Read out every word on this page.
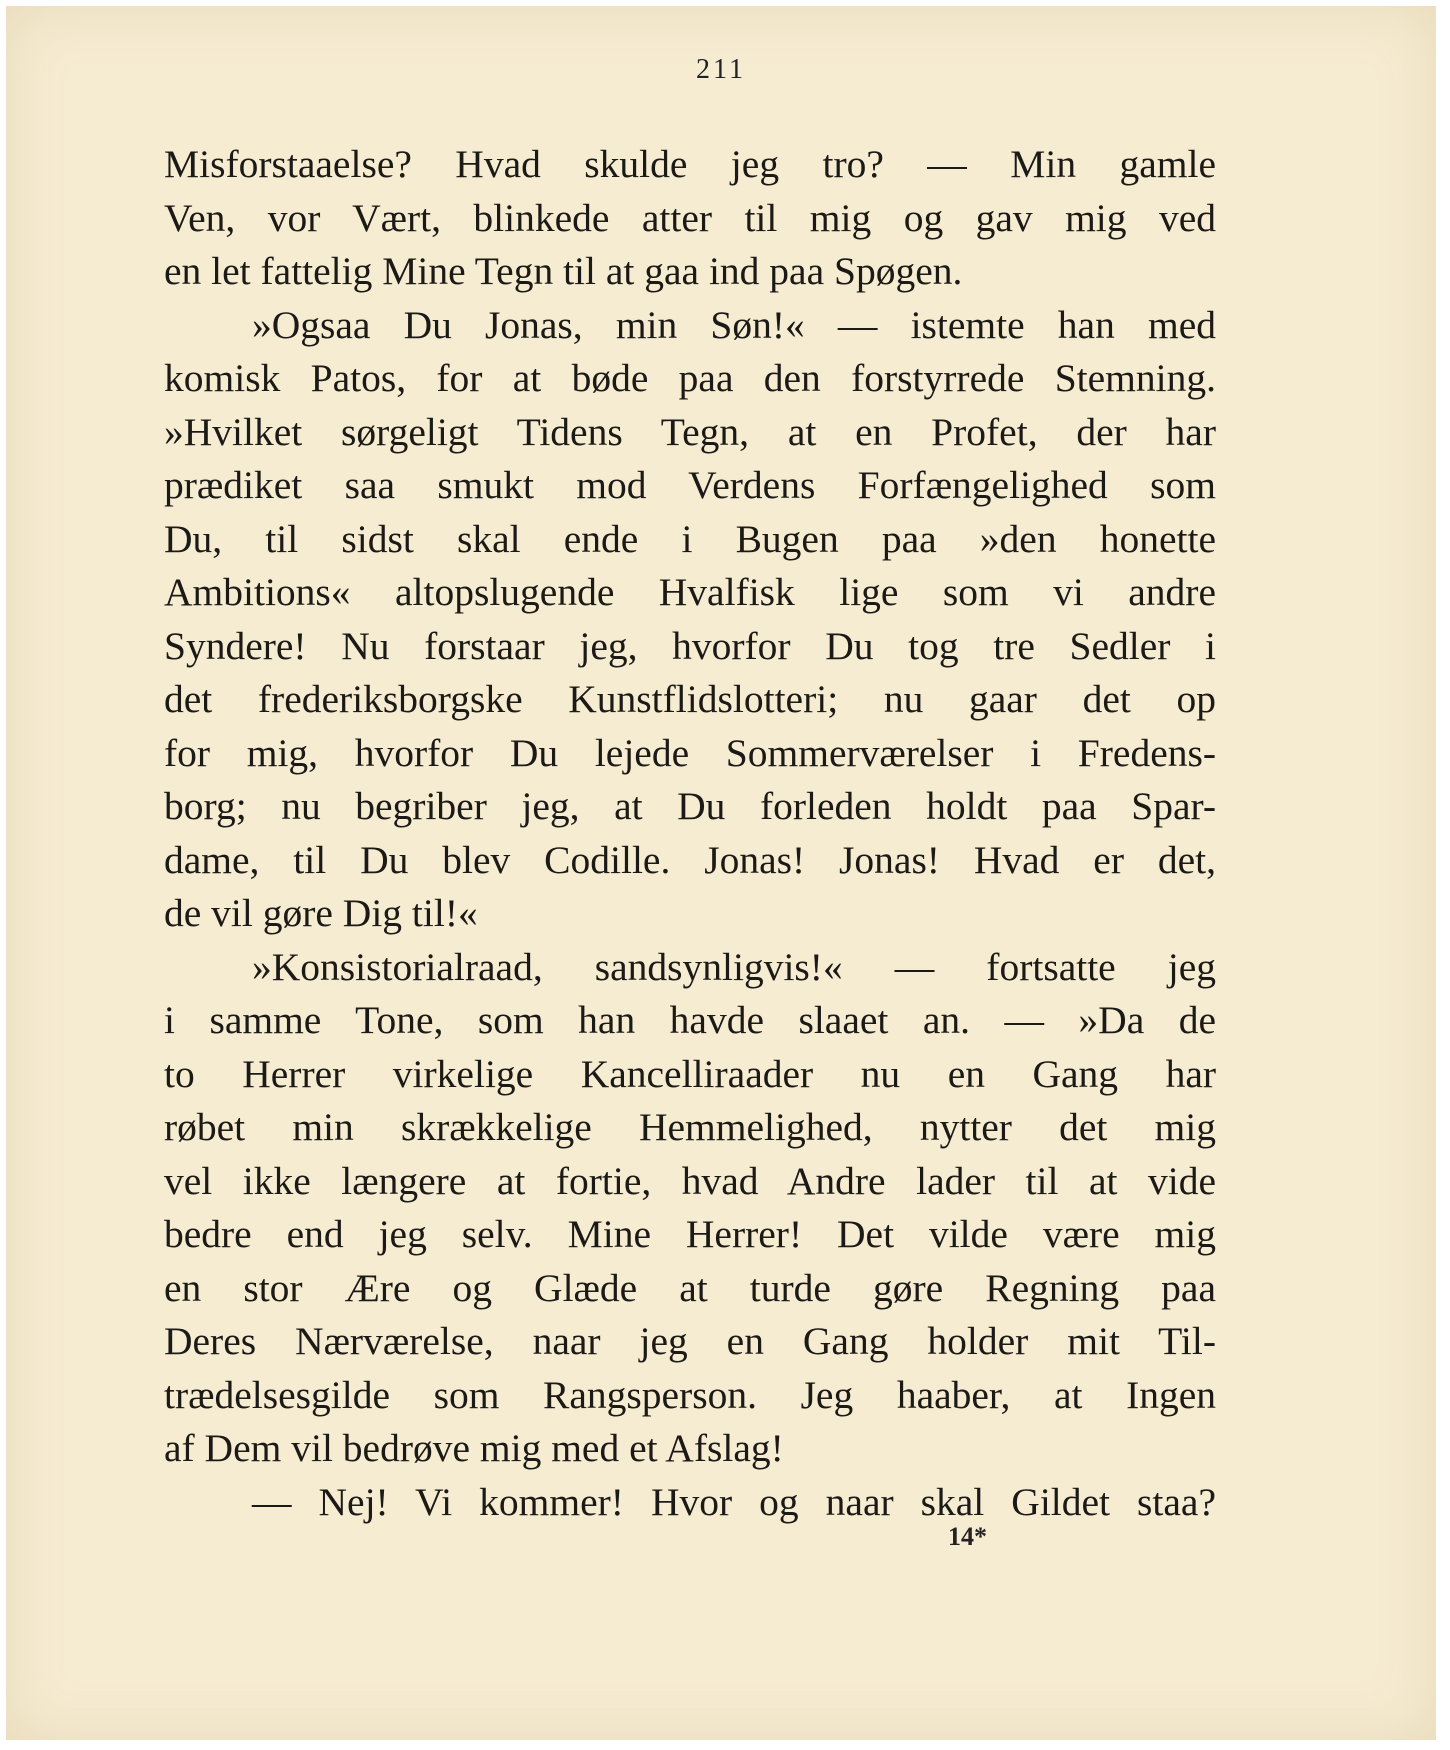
211
Misforstaaelse? Hvad skulde jeg tro? — Min gamle
Ven, vor Vært, blinkede atter til mig og gav mig ved
en let fattelig Mine Tegn til at gaa ind paa Spøgen.
»Ogsaa Du Jonas, min Søn!« — istemte han med
komisk Patos, for at bøde paa den forstyrrede Stemning.
»Hvilket sørgeligt Tidens Tegn, at en Profet, der har
prædiket saa smukt mod Verdens Forfængelighed som
Du, til sidst skal ende i Bugen paa »den honette
Ambitions« altopslugende Hvalfisk lige som vi andre
Syndere! Nu forstaar jeg, hvorfor Du tog tre Sedler i
det frederiksborgske Kunstflidslotteri; nu gaar det op
for mig, hvorfor Du lejede Sommerværelser i Fredens-
borg; nu begriber jeg, at Du forleden holdt paa Spar-
dame, til Du blev Codille. Jonas! Jonas! Hvad er det,
de vil gøre Dig til!«
»Konsistorialraad, sandsynligvis!« — fortsatte jeg
i samme Tone, som han havde slaaet an. — »Da de
to Herrer virkelige Kancelliraader nu en Gang har
røbet min skrækkelige Hemmelighed, nytter det mig
vel ikke længere at fortie, hvad Andre lader til at vide
bedre end jeg selv. Mine Herrer! Det vilde være mig
en stor Ære og Glæde at turde gøre Regning paa
Deres Nærværelse, naar jeg en Gang holder mit Til-
trædelsesgilde som Rangsperson. Jeg haaber, at Ingen
af Dem vil bedrøve mig med et Afslag!
— Nej! Vi kommer! Hvor og naar skal Gildet staa?
14*
